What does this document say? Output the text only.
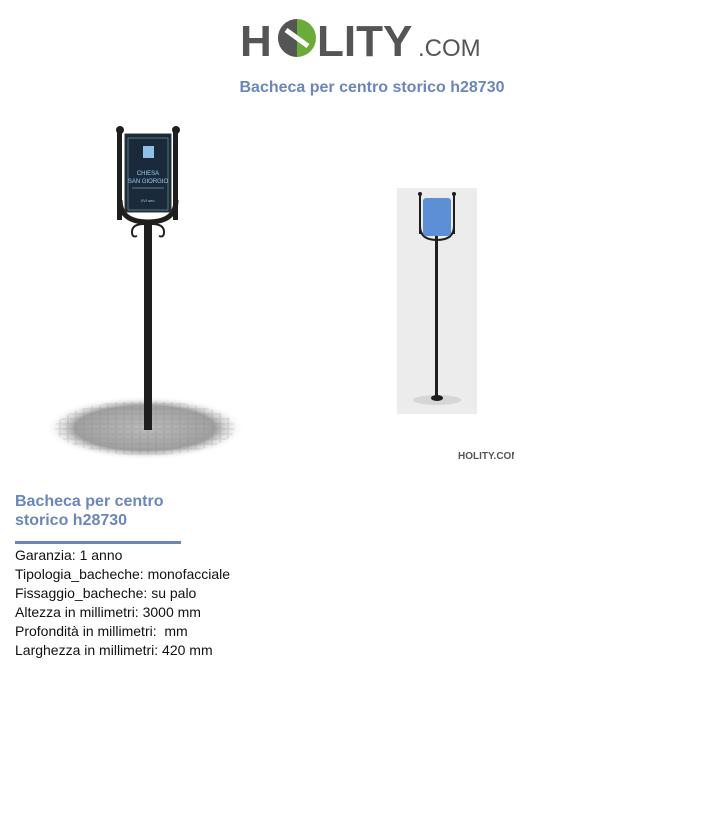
H LITY .COM
Bacheca per centro storico h28730
CHIESA
SAN GIORGIO
XVI sec.
HOLITY.COM
Bacheca per centro
storico h28730
Garanzia: 1 anno
Tipologia_bacheche: monofacciale
Fissaggio_bacheche: su palo
Altezza in millimetri: 3000 mm
Profondità in millimetri:  mm
Larghezza in millimetri: 420 mm
